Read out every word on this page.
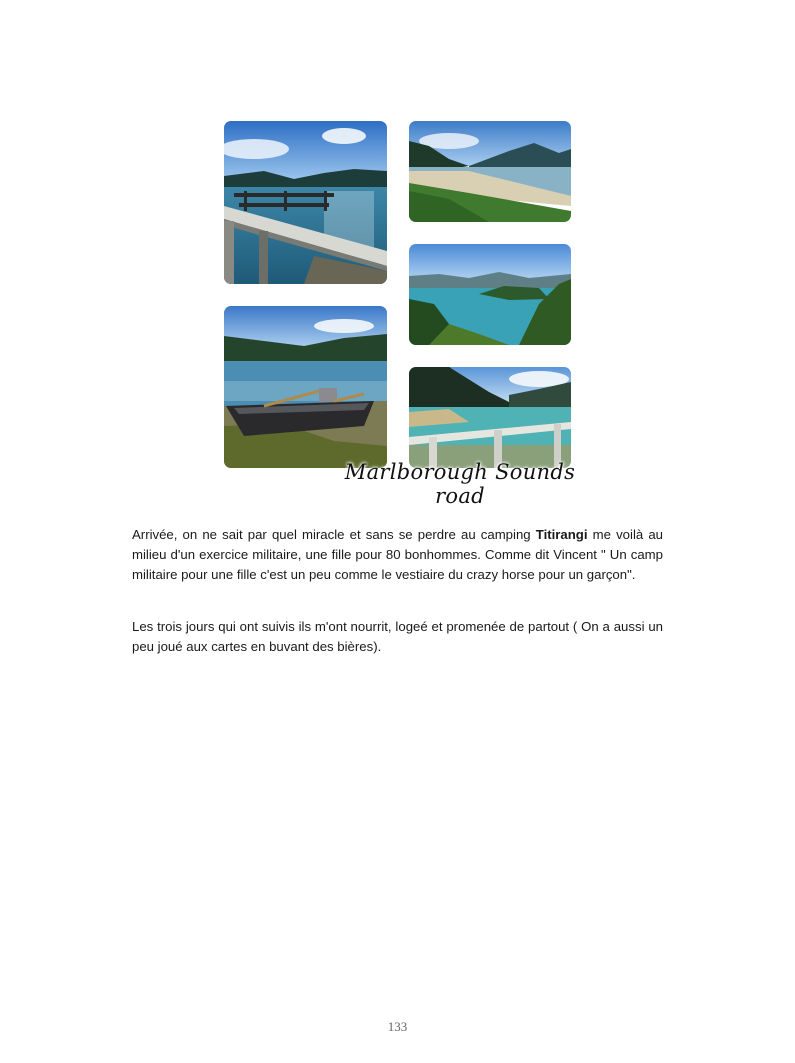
Marlborough Sounds road

Arrivée, on ne sait par quel miracle et sans se perdre au camping Titirangi me voilà au milieu d'un exercice militaire, une fille pour 80 bonhommes. Comme dit Vincent " Un camp militaire pour une fille c'est un peu comme le vestiaire du crazy horse pour un garçon".

Les trois jours qui ont suivis ils m'ont nourrit, logeé et promenée de partout ( On a aussi un peu joué aux cartes en buvant des bières).

133
